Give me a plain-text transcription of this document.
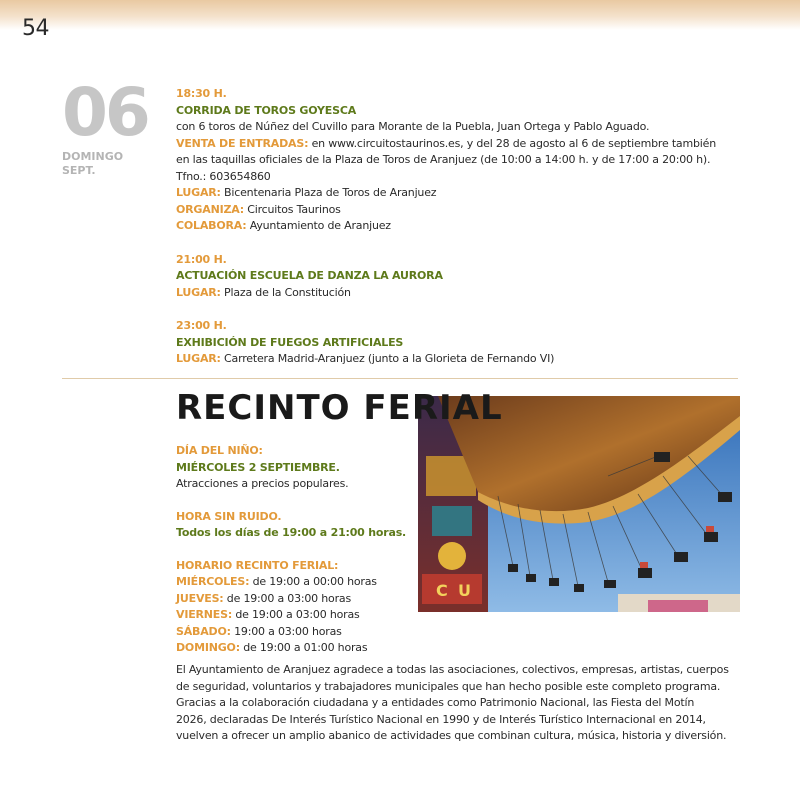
54
06
DOMINGO
SEPT.
18:30 H.
CORRIDA DE TOROS GOYESCA
con 6 toros de Núñez del Cuvillo para Morante de la Puebla, Juan Ortega y Pablo Aguado.
VENTA DE ENTRADAS: en www.circuitostaurinos.es, y del 28 de agosto al 6 de septiembre también
en las taquillas oficiales de la Plaza de Toros de Aranjuez (de 10:00 a 14:00 h. y de 17:00 a 20:00 h).
Tfno.: 603654860
LUGAR: Bicentenaria Plaza de Toros de Aranjuez
ORGANIZA: Circuitos Taurinos
COLABORA: Ayuntamiento de Aranjuez
21:00 H.
ACTUACIÓN ESCUELA DE DANZA LA AURORA
LUGAR: Plaza de la Constitución
23:00 H.
EXHIBICIÓN DE FUEGOS ARTIFICIALES
LUGAR: Carretera Madrid-Aranjuez (junto a la Glorieta de Fernando VI)
C U
RECINTO FERIAL
DÍA DEL NIÑO:
MIÉRCOLES 2 SEPTIEMBRE.
Atracciones a precios populares.
HORA SIN RUIDO.
Todos los días de 19:00 a 21:00 horas.
HORARIO RECINTO FERIAL:
MIÉRCOLES: de 19:00 a 00:00 horas
JUEVES: de 19:00 a 03:00 horas
VIERNES: de 19:00 a 03:00 horas
SÁBADO: 19:00 a 03:00 horas
DOMINGO: de 19:00 a 01:00 horas
El Ayuntamiento de Aranjuez agradece a todas las asociaciones, colectivos, empresas, artistas, cuerpos
de seguridad, voluntarios y trabajadores municipales que han hecho posible este completo programa.
Gracias a la colaboración ciudadana y a entidades como Patrimonio Nacional, las Fiesta del Motín
2026, declaradas De Interés Turístico Nacional en 1990 y de Interés Turístico Internacional en 2014,
vuelven a ofrecer un amplio abanico de actividades que combinan cultura, música, historia y diversión.
